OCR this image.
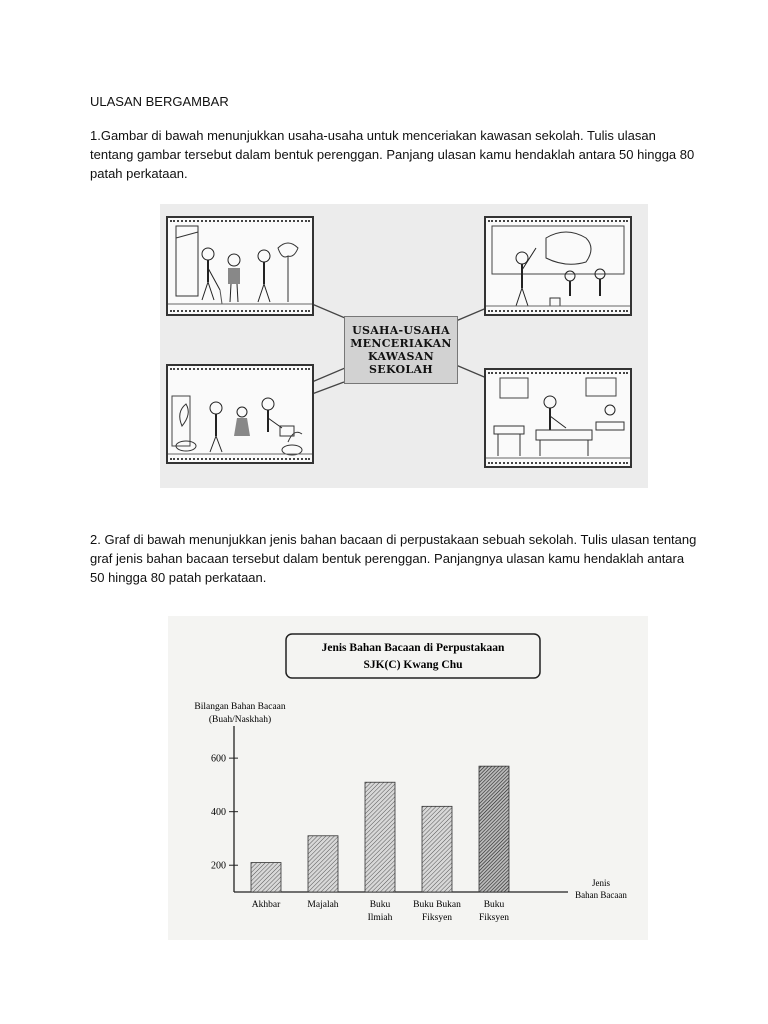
ULASAN BERGAMBAR
1.Gambar di bawah menunjukkan usaha-usaha untuk menceriakan kawasan sekolah. Tulis ulasan
tentang gambar tersebut dalam bentuk perenggan. Panjang ulasan kamu hendaklah antara 50 hingga 80
patah perkataan.
USAHA-USAHA
MENCERIAKAN
KAWASAN
SEKOLAH
2. Graf di bawah menunjukkan jenis bahan bacaan di perpustakaan sebuah sekolah. Tulis ulasan tentang
graf jenis bahan bacaan tersebut dalam bentuk perenggan. Panjangnya ulasan kamu hendaklah antara
50 hingga 80 patah perkataan.
Jenis Bahan Bacaan di Perpustakaan
SJK(C) Kwang Chu
Bilangan Bahan Bacaan
(Buah/Naskhah)
Jenis
Bahan Bacaan
200
400
600
Akhbar	Majalah	Buku
Ilmiah
Buku Bukan
Fiksyen
Buku
Fiksyen
